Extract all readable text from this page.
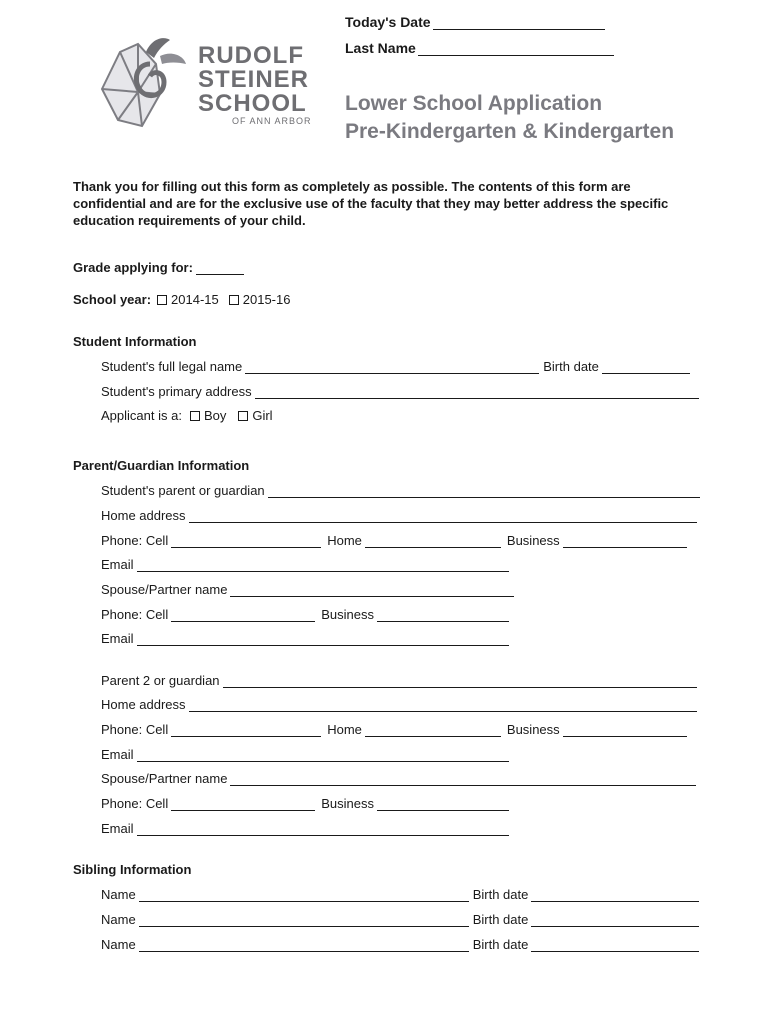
Today's Date
Last Name
RUDOLF
STEINER
SCHOOL
OF ANN ARBOR
Lower School Application
Pre-Kindergarten & Kindergarten
Thank you for filling out this form as completely as possible. The contents of this form are confidential and are for the exclusive use of the faculty that they may better address the specific education requirements of your child.
Grade applying for:
School year: 2014-15 2015-16
Student Information
Student's full legal name	Birth date
Student's primary address
Applicant is a: Boy Girl
Parent/Guardian Information
Student's parent or guardian
Home address
Phone: Cell	Home	Business
Email
Spouse/Partner name
Phone: Cell	Business
Email
Parent 2 or guardian
Home address
Phone: Cell	Home	Business
Email
Spouse/Partner name
Phone: Cell	Business
Email
Sibling Information
Name	Birth date
Name	Birth date
Name	Birth date
